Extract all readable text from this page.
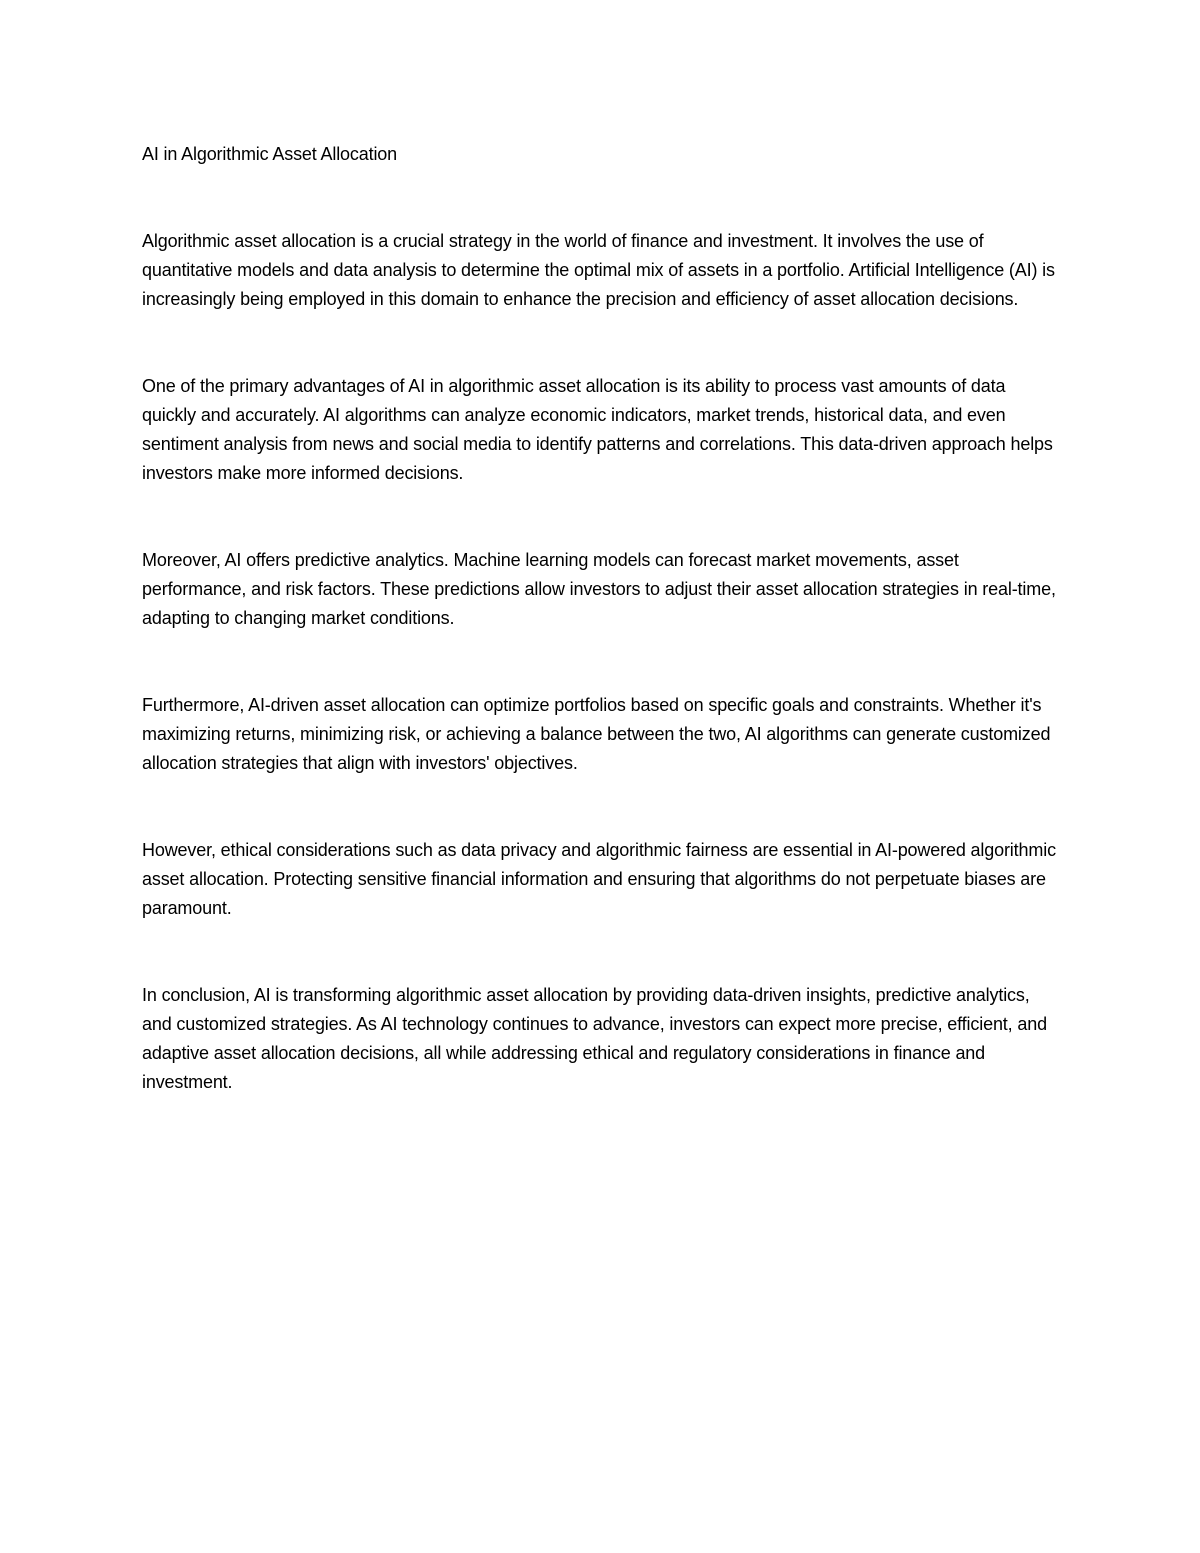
AI in Algorithmic Asset Allocation

Algorithmic asset allocation is a crucial strategy in the world of finance and investment. It involves the use of quantitative models and data analysis to determine the optimal mix of assets in a portfolio. Artificial Intelligence (AI) is increasingly being employed in this domain to enhance the precision and efficiency of asset allocation decisions.

One of the primary advantages of AI in algorithmic asset allocation is its ability to process vast amounts of data quickly and accurately. AI algorithms can analyze economic indicators, market trends, historical data, and even sentiment analysis from news and social media to identify patterns and correlations. This data-driven approach helps investors make more informed decisions.

Moreover, AI offers predictive analytics. Machine learning models can forecast market movements, asset performance, and risk factors. These predictions allow investors to adjust their asset allocation strategies in real-time, adapting to changing market conditions.

Furthermore, AI-driven asset allocation can optimize portfolios based on specific goals and constraints. Whether it's maximizing returns, minimizing risk, or achieving a balance between the two, AI algorithms can generate customized allocation strategies that align with investors' objectives.

However, ethical considerations such as data privacy and algorithmic fairness are essential in AI-powered algorithmic asset allocation. Protecting sensitive financial information and ensuring that algorithms do not perpetuate biases are paramount.

In conclusion, AI is transforming algorithmic asset allocation by providing data-driven insights, predictive analytics, and customized strategies. As AI technology continues to advance, investors can expect more precise, efficient, and adaptive asset allocation decisions, all while addressing ethical and regulatory considerations in finance and investment.
